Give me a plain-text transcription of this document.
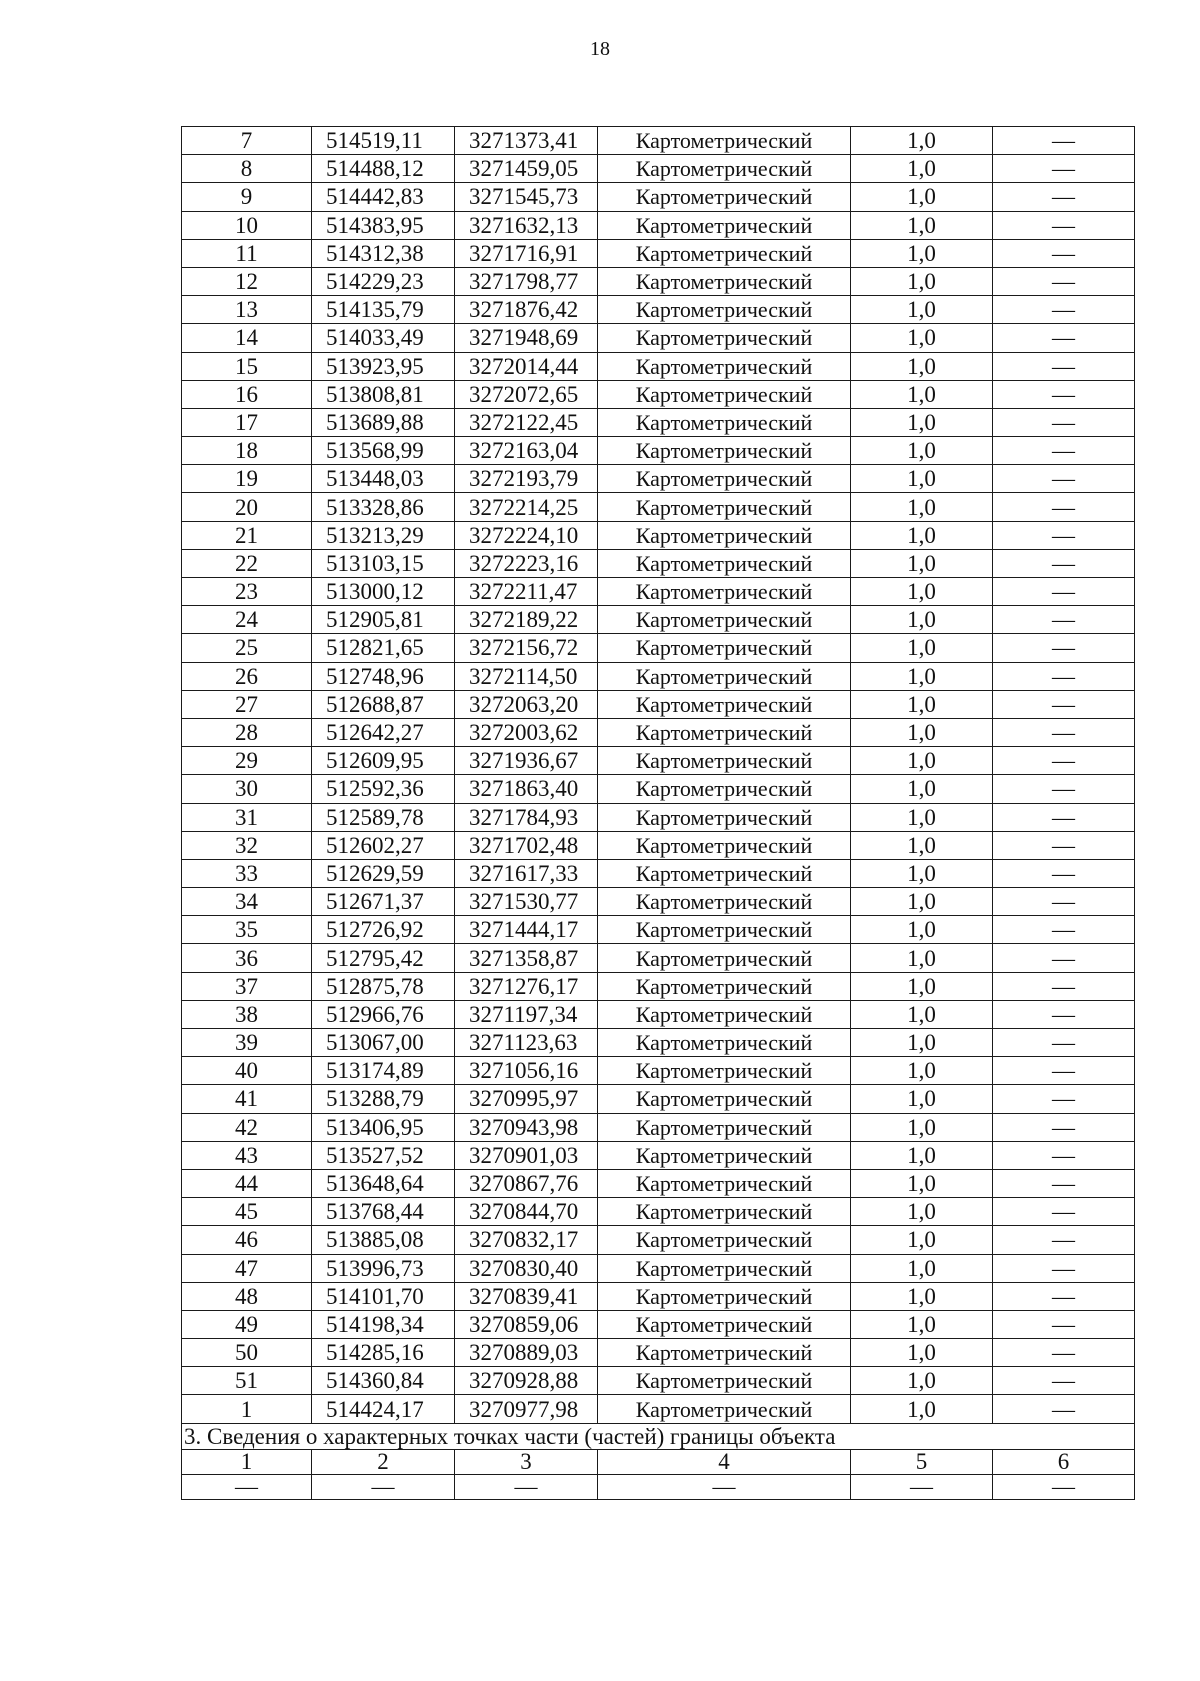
18
7	514519,11	3271373,41	Картометрический	1,0	—
8	514488,12	3271459,05	Картометрический	1,0	—
9	514442,83	3271545,73	Картометрический	1,0	—
10	514383,95	3271632,13	Картометрический	1,0	—
11	514312,38	3271716,91	Картометрический	1,0	—
12	514229,23	3271798,77	Картометрический	1,0	—
13	514135,79	3271876,42	Картометрический	1,0	—
14	514033,49	3271948,69	Картометрический	1,0	—
15	513923,95	3272014,44	Картометрический	1,0	—
16	513808,81	3272072,65	Картометрический	1,0	—
17	513689,88	3272122,45	Картометрический	1,0	—
18	513568,99	3272163,04	Картометрический	1,0	—
19	513448,03	3272193,79	Картометрический	1,0	—
20	513328,86	3272214,25	Картометрический	1,0	—
21	513213,29	3272224,10	Картометрический	1,0	—
22	513103,15	3272223,16	Картометрический	1,0	—
23	513000,12	3272211,47	Картометрический	1,0	—
24	512905,81	3272189,22	Картометрический	1,0	—
25	512821,65	3272156,72	Картометрический	1,0	—
26	512748,96	3272114,50	Картометрический	1,0	—
27	512688,87	3272063,20	Картометрический	1,0	—
28	512642,27	3272003,62	Картометрический	1,0	—
29	512609,95	3271936,67	Картометрический	1,0	—
30	512592,36	3271863,40	Картометрический	1,0	—
31	512589,78	3271784,93	Картометрический	1,0	—
32	512602,27	3271702,48	Картометрический	1,0	—
33	512629,59	3271617,33	Картометрический	1,0	—
34	512671,37	3271530,77	Картометрический	1,0	—
35	512726,92	3271444,17	Картометрический	1,0	—
36	512795,42	3271358,87	Картометрический	1,0	—
37	512875,78	3271276,17	Картометрический	1,0	—
38	512966,76	3271197,34	Картометрический	1,0	—
39	513067,00	3271123,63	Картометрический	1,0	—
40	513174,89	3271056,16	Картометрический	1,0	—
41	513288,79	3270995,97	Картометрический	1,0	—
42	513406,95	3270943,98	Картометрический	1,0	—
43	513527,52	3270901,03	Картометрический	1,0	—
44	513648,64	3270867,76	Картометрический	1,0	—
45	513768,44	3270844,70	Картометрический	1,0	—
46	513885,08	3270832,17	Картометрический	1,0	—
47	513996,73	3270830,40	Картометрический	1,0	—
48	514101,70	3270839,41	Картометрический	1,0	—
49	514198,34	3270859,06	Картометрический	1,0	—
50	514285,16	3270889,03	Картометрический	1,0	—
51	514360,84	3270928,88	Картометрический	1,0	—
1	514424,17	3270977,98	Картометрический	1,0	—
3. Сведения о характерных точках части (частей) границы объекта					
1	2	3	4	5	6
—	—	—	—	—	—
